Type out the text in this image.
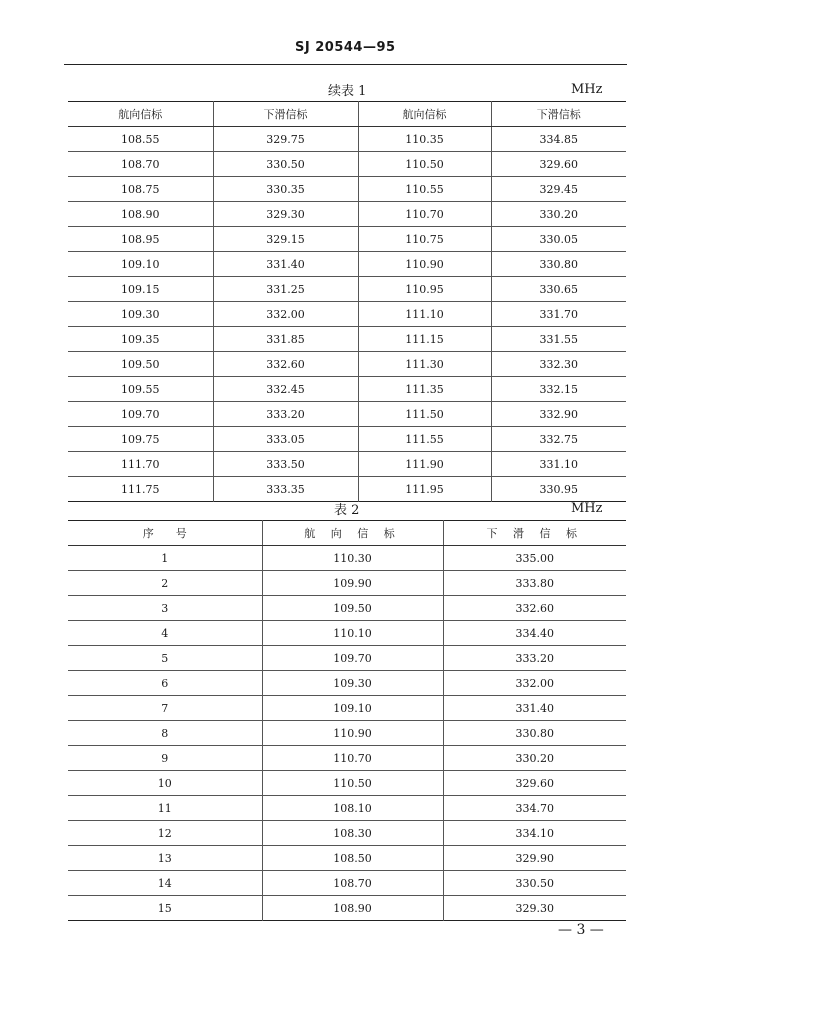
SJ 20544—95
续表 1	MHz
航向信标	下滑信标	航向信标	下滑信标
108.55	329.75	110.35	334.85
108.70	330.50	110.50	329.60
108.75	330.35	110.55	329.45
108.90	329.30	110.70	330.20
108.95	329.15	110.75	330.05
109.10	331.40	110.90	330.80
109.15	331.25	110.95	330.65
109.30	332.00	111.10	331.70
109.35	331.85	111.15	331.55
109.50	332.60	111.30	332.30
109.55	332.45	111.35	332.15
109.70	333.20	111.50	332.90
109.75	333.05	111.55	332.75
111.70	333.50	111.90	331.10
111.75	333.35	111.95	330.95
表 2	MHz
序　　号	航 向 信 标	下 滑 信 标
1	110.30	335.00
2	109.90	333.80
3	109.50	332.60
4	110.10	334.40
5	109.70	333.20
6	109.30	332.00
7	109.10	331.40
8	110.90	330.80
9	110.70	330.20
10	110.50	329.60
11	108.10	334.70
12	108.30	334.10
13	108.50	329.90
14	108.70	330.50
15	108.90	329.30
— 3 —
